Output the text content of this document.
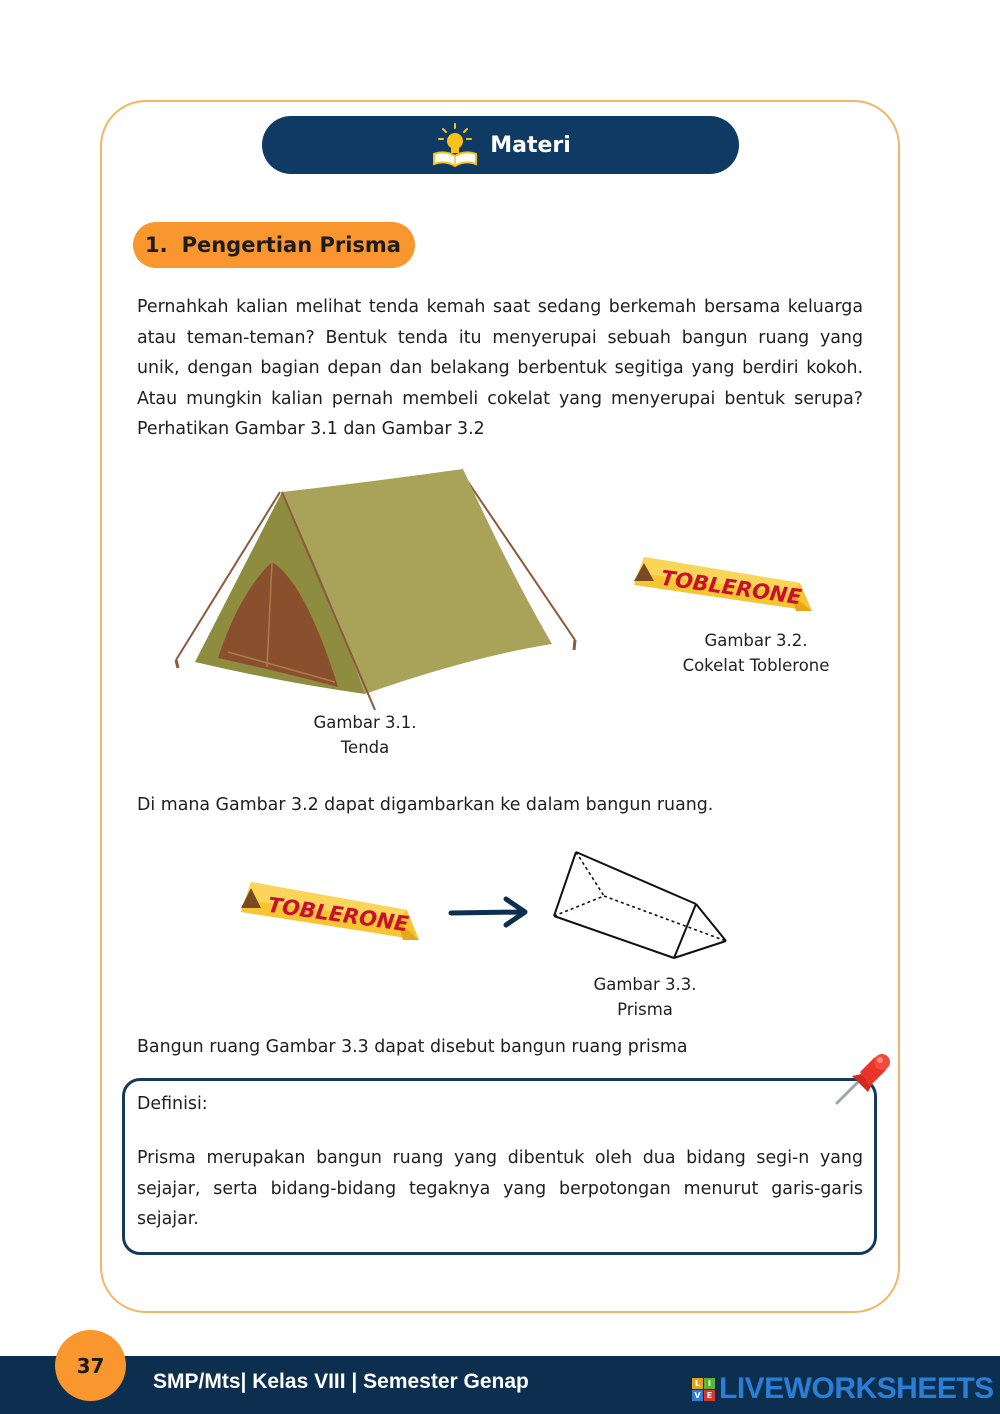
Materi
1. Pengertian Prisma

Pernahkah kalian melihat tenda kemah saat sedang berkemah bersama keluarga atau teman-teman? Bentuk tenda itu menyerupai sebuah bangun ruang yang unik, dengan bagian depan dan belakang berbentuk segitiga yang berdiri kokoh. Atau mungkin kalian pernah membeli cokelat yang menyerupai bentuk serupa? Perhatikan Gambar 3.1 dan Gambar 3.2

Gambar 3.1.
Tenda
TOBLERONE
Gambar 3.2.
Cokelat Toblerone

Di mana Gambar 3.2 dapat digambarkan ke dalam bangun ruang.

TOBLERONE
Gambar 3.3.
Prisma

Bangun ruang Gambar 3.3 dapat disebut bangun ruang prisma

Definisi:

Prisma merupakan bangun ruang yang dibentuk oleh dua bidang segi-n yang sejajar, serta bidang-bidang tegaknya yang berpotongan menurut garis-garis sejajar.

37
SMP/Mts| Kelas VIII | Semester Genap	L I
V E LIVEWORKSHEETS
